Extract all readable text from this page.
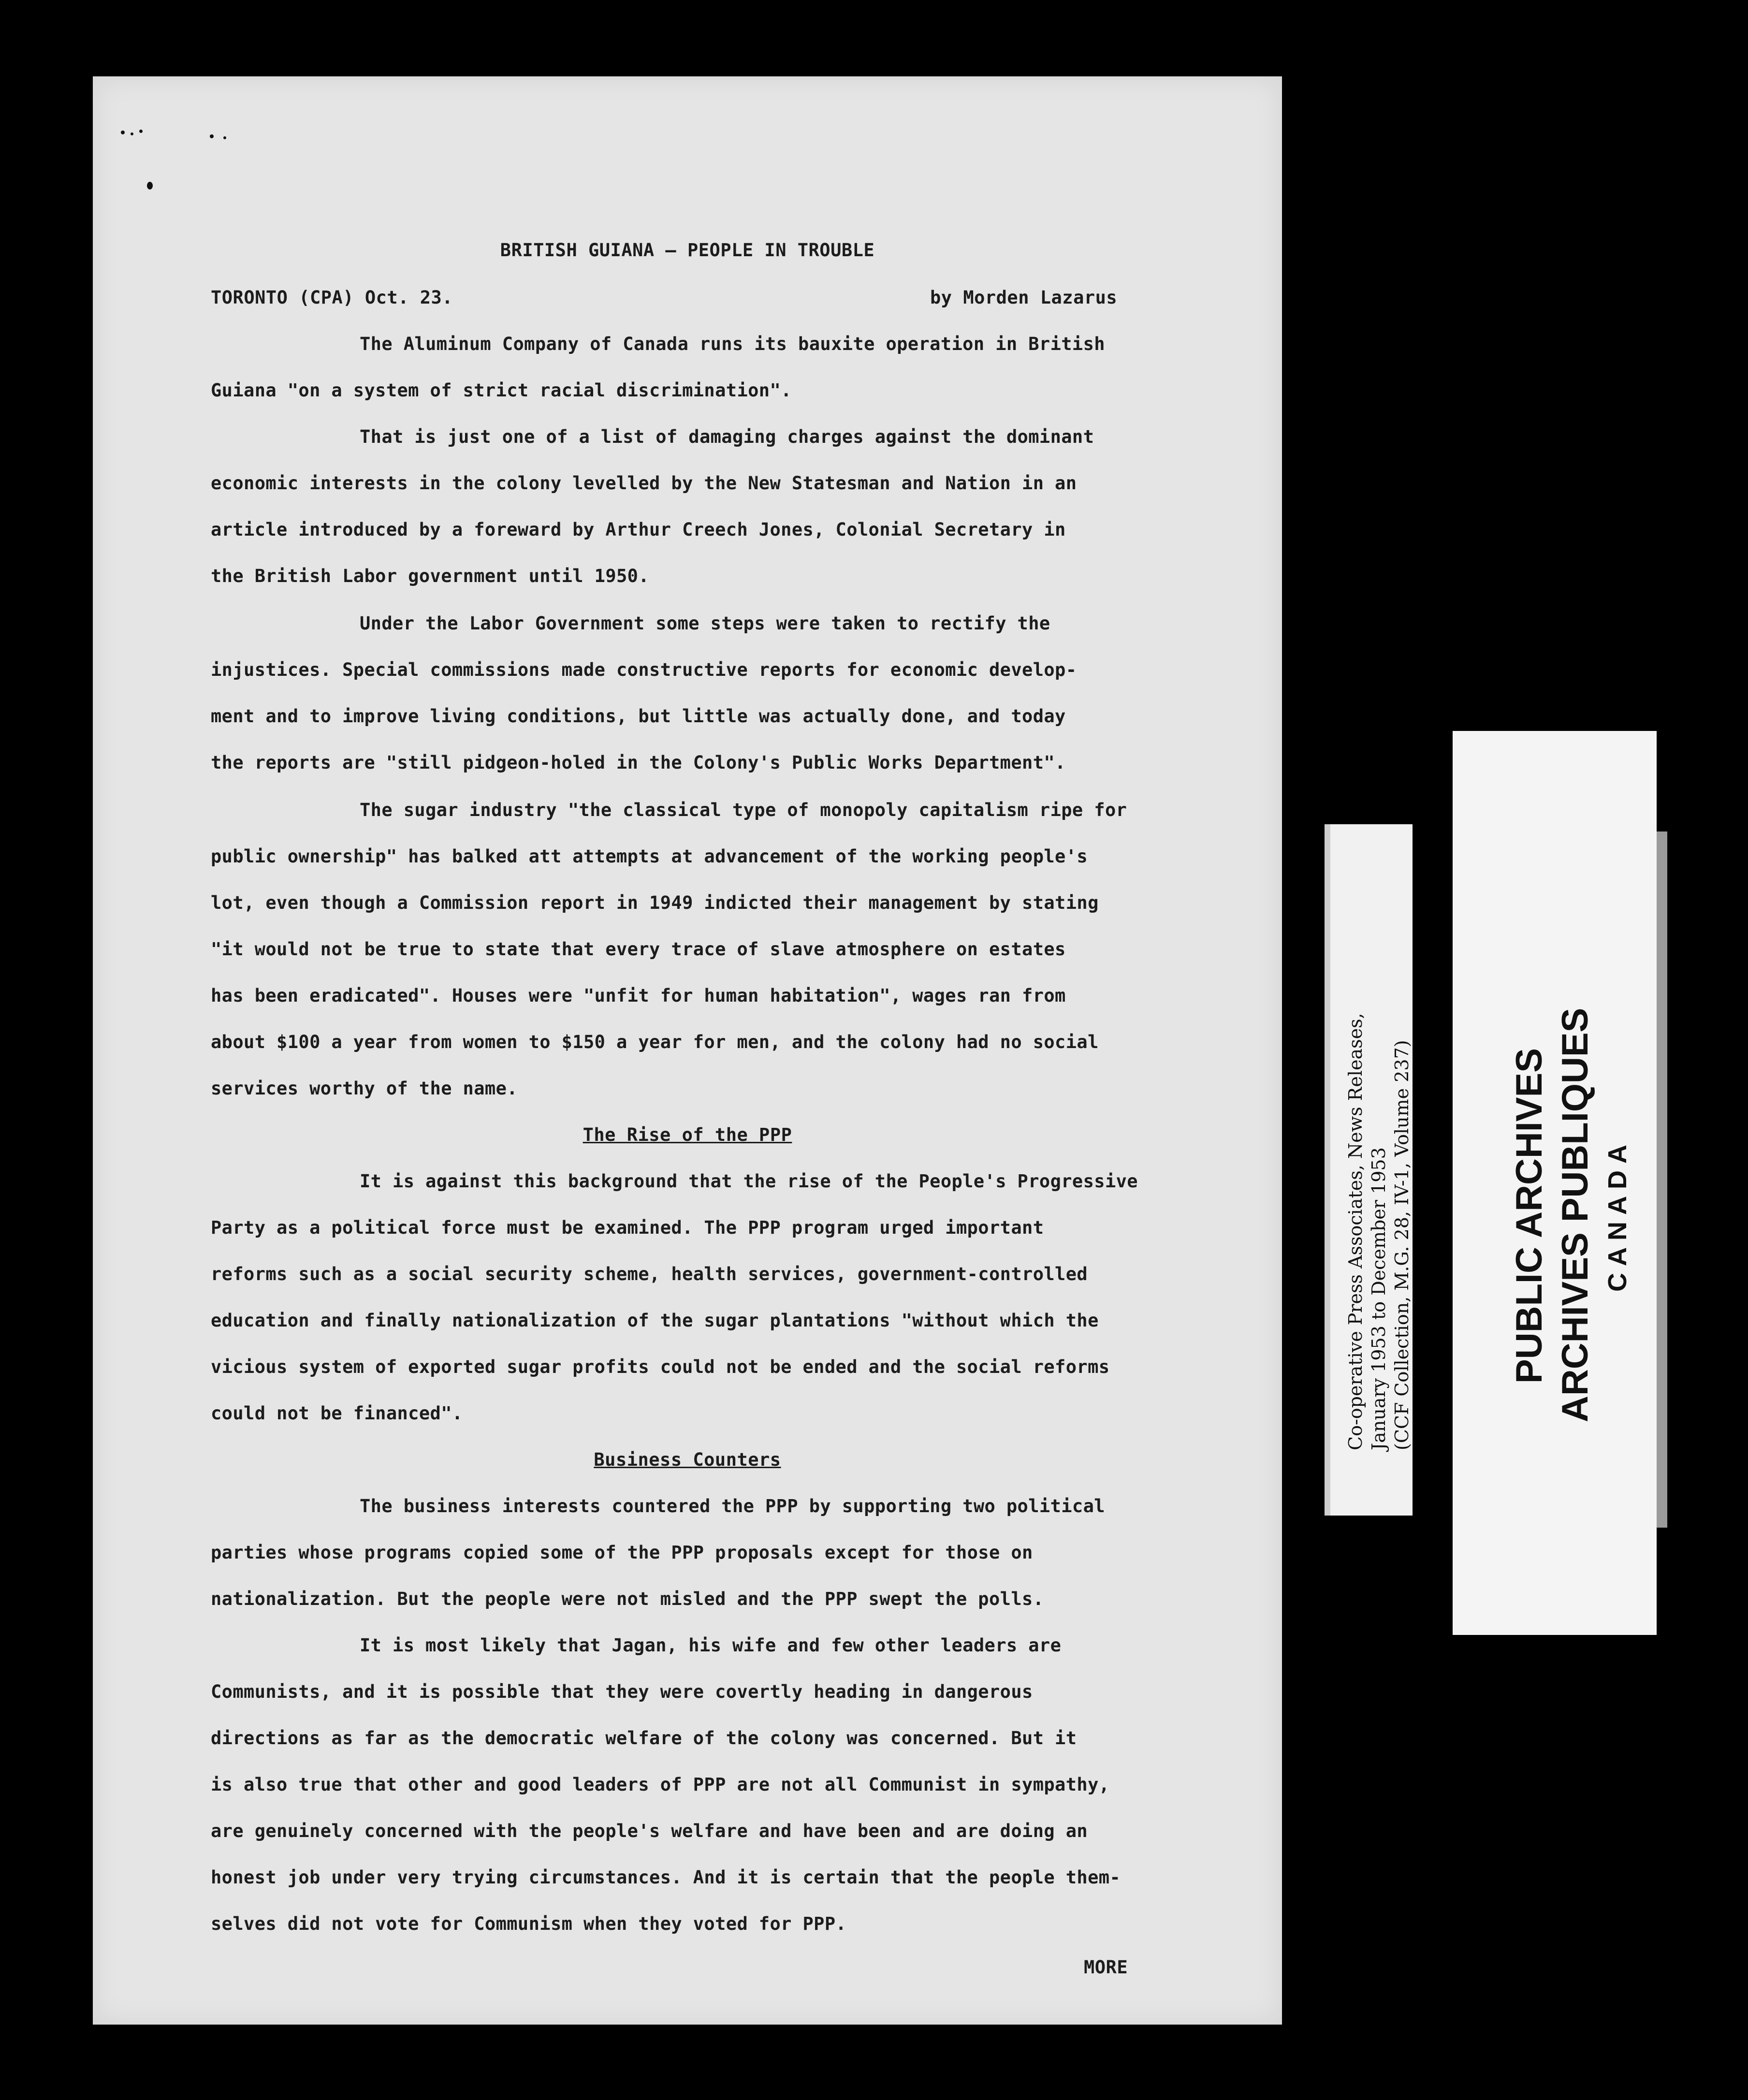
BRITISH GUIANA — PEOPLE IN TROUBLE
TORONTO (CPA) Oct. 23.	by Morden Lazarus
The Aluminum Company of Canada runs its bauxite operation in British
Guiana "on a system of strict racial discrimination".
That is just one of a list of damaging charges against the dominant
economic interests in the colony levelled by the New Statesman and Nation in an
article introduced by a foreward by Arthur Creech Jones, Colonial Secretary in
the British Labor government until 1950.
Under the Labor Government some steps were taken to rectify the
injustices. Special commissions made constructive reports for economic develop-
ment and to improve living conditions, but little was actually done, and today
the reports are "still pidgeon-holed in the Colony's Public Works Department".
The sugar industry "the classical type of monopoly capitalism ripe for
public ownership" has balked att attempts at advancement of the working people's
lot, even though a Commission report in 1949 indicted their management by stating
"it would not be true to state that every trace of slave atmosphere on estates
has been eradicated". Houses were "unfit for human habitation", wages ran from
about $100 a year from women to $150 a year for men, and the colony had no social
services worthy of the name.
The Rise of the PPP
It is against this background that the rise of the People's Progressive
Party as a political force must be examined. The PPP program urged important
reforms such as a social security scheme, health services, government-controlled
education and finally nationalization of the sugar plantations "without which the
vicious system of exported sugar profits could not be ended and the social reforms
could not be financed".
Business Counters
The business interests countered the PPP by supporting two political
parties whose programs copied some of the PPP proposals except for those on
nationalization. But the people were not misled and the PPP swept the polls.
It is most likely that Jagan, his wife and few other leaders are
Communists, and it is possible that they were covertly heading in dangerous
directions as far as the democratic welfare of the colony was concerned. But it
is also true that other and good leaders of PPP are not all Communist in sympathy,
are genuinely concerned with the people's welfare and have been and are doing an
honest job under very trying circumstances. And it is certain that the people them-
selves did not vote for Communism when they voted for PPP.
MORE
Co-operative Press Associates, News Releases, January 1953 to December 1953 (CCF Collection, M.G. 28, IV-1, Volume 237)	PUBLIC ARCHIVES ARCHIVES PUBLIQUES CANADA
